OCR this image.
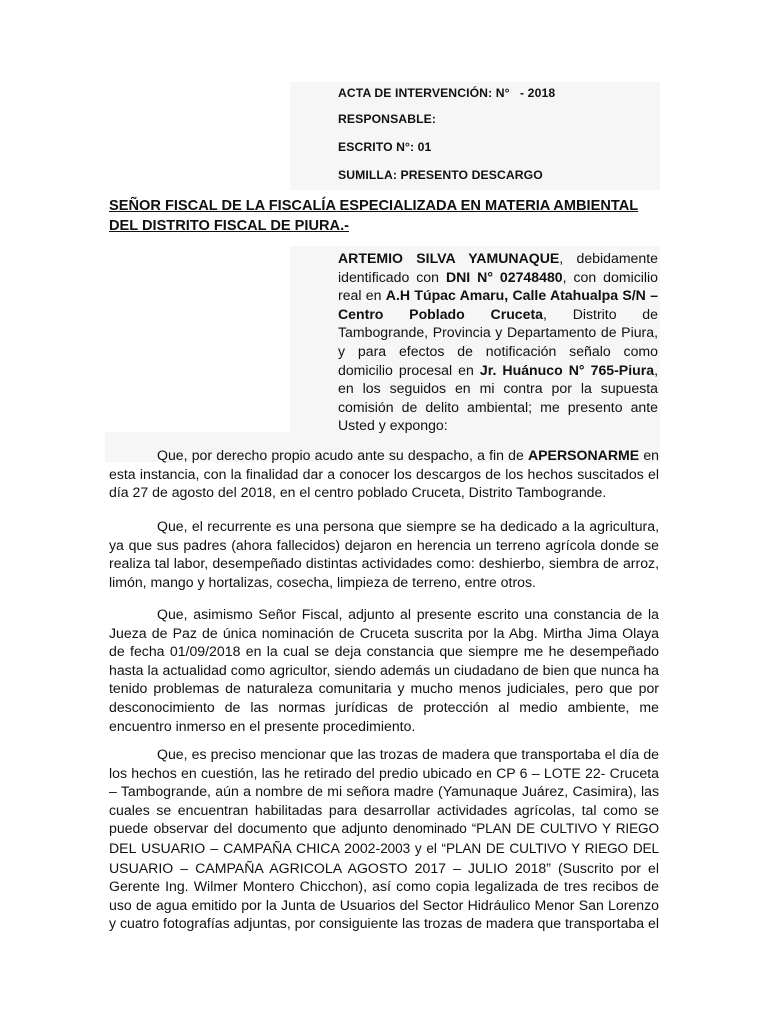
ACTA DE INTERVENCIÓN: N°   - 2018
RESPONSABLE:
ESCRITO N°: 01
SUMILLA: PRESENTO DESCARGO
SEÑOR FISCAL DE LA FISCALÍA ESPECIALIZADA EN MATERIA AMBIENTAL DEL DISTRITO FISCAL DE PIURA.-
ARTEMIO SILVA YAMUNAQUE, debidamente identificado con DNI N° 02748480, con domicilio real en A.H Túpac Amaru, Calle Atahualpa S/N – Centro Poblado Cruceta, Distrito de Tambogrande, Provincia y Departamento de Piura, y para efectos de notificación señalo como domicilio procesal en Jr. Huánuco N° 765-Piura, en los seguidos en mi contra por la supuesta comisión de delito ambiental; me presento ante Usted y expongo:
Que, por derecho propio acudo ante su despacho, a fin de APERSONARME en esta instancia, con la finalidad dar a conocer los descargos de los hechos suscitados el día 27 de agosto del 2018, en el centro poblado Cruceta, Distrito Tambogrande.
Que, el recurrente es una persona que siempre se ha dedicado a la agricultura, ya que sus padres (ahora fallecidos) dejaron en herencia un terreno agrícola donde se realiza tal labor, desempeñado distintas actividades como: deshierbo, siembra de arroz, limón, mango y hortalizas, cosecha, limpieza de terreno, entre otros.
Que, asimismo Señor Fiscal, adjunto al presente escrito una constancia de la Jueza de Paz de única nominación de Cruceta suscrita por la Abg. Mirtha Jima Olaya de fecha 01/09/2018 en la cual se deja constancia que siempre me he desempeñado hasta la actualidad como agricultor, siendo además un ciudadano de bien que nunca ha tenido problemas de naturaleza comunitaria y mucho menos judiciales, pero que por desconocimiento de las normas jurídicas de protección al medio ambiente, me encuentro inmerso en el presente procedimiento.
Que, es preciso mencionar que las trozas de madera que transportaba el día de los hechos en cuestión, las he retirado del predio ubicado en CP 6 – LOTE 22- Cruceta – Tambogrande, aún a nombre de mi señora madre (Yamunaque Juárez, Casimira), las cuales se encuentran habilitadas para desarrollar actividades agrícolas, tal como se puede observar del documento que adjunto denominado “PLAN DE CULTIVO Y RIEGO DEL USUARIO – CAMPAÑA CHICA 2002-2003 y el “PLAN DE CULTIVO Y RIEGO DEL USUARIO – CAMPAÑA AGRICOLA AGOSTO 2017 – JULIO 2018” (Suscrito por el Gerente Ing. Wilmer Montero Chicchon), así como copia legalizada de tres recibos de uso de agua emitido por la Junta de Usuarios del Sector Hidráulico Menor San Lorenzo y cuatro fotografías adjuntas, por consiguiente las trozas de madera que transportaba el
